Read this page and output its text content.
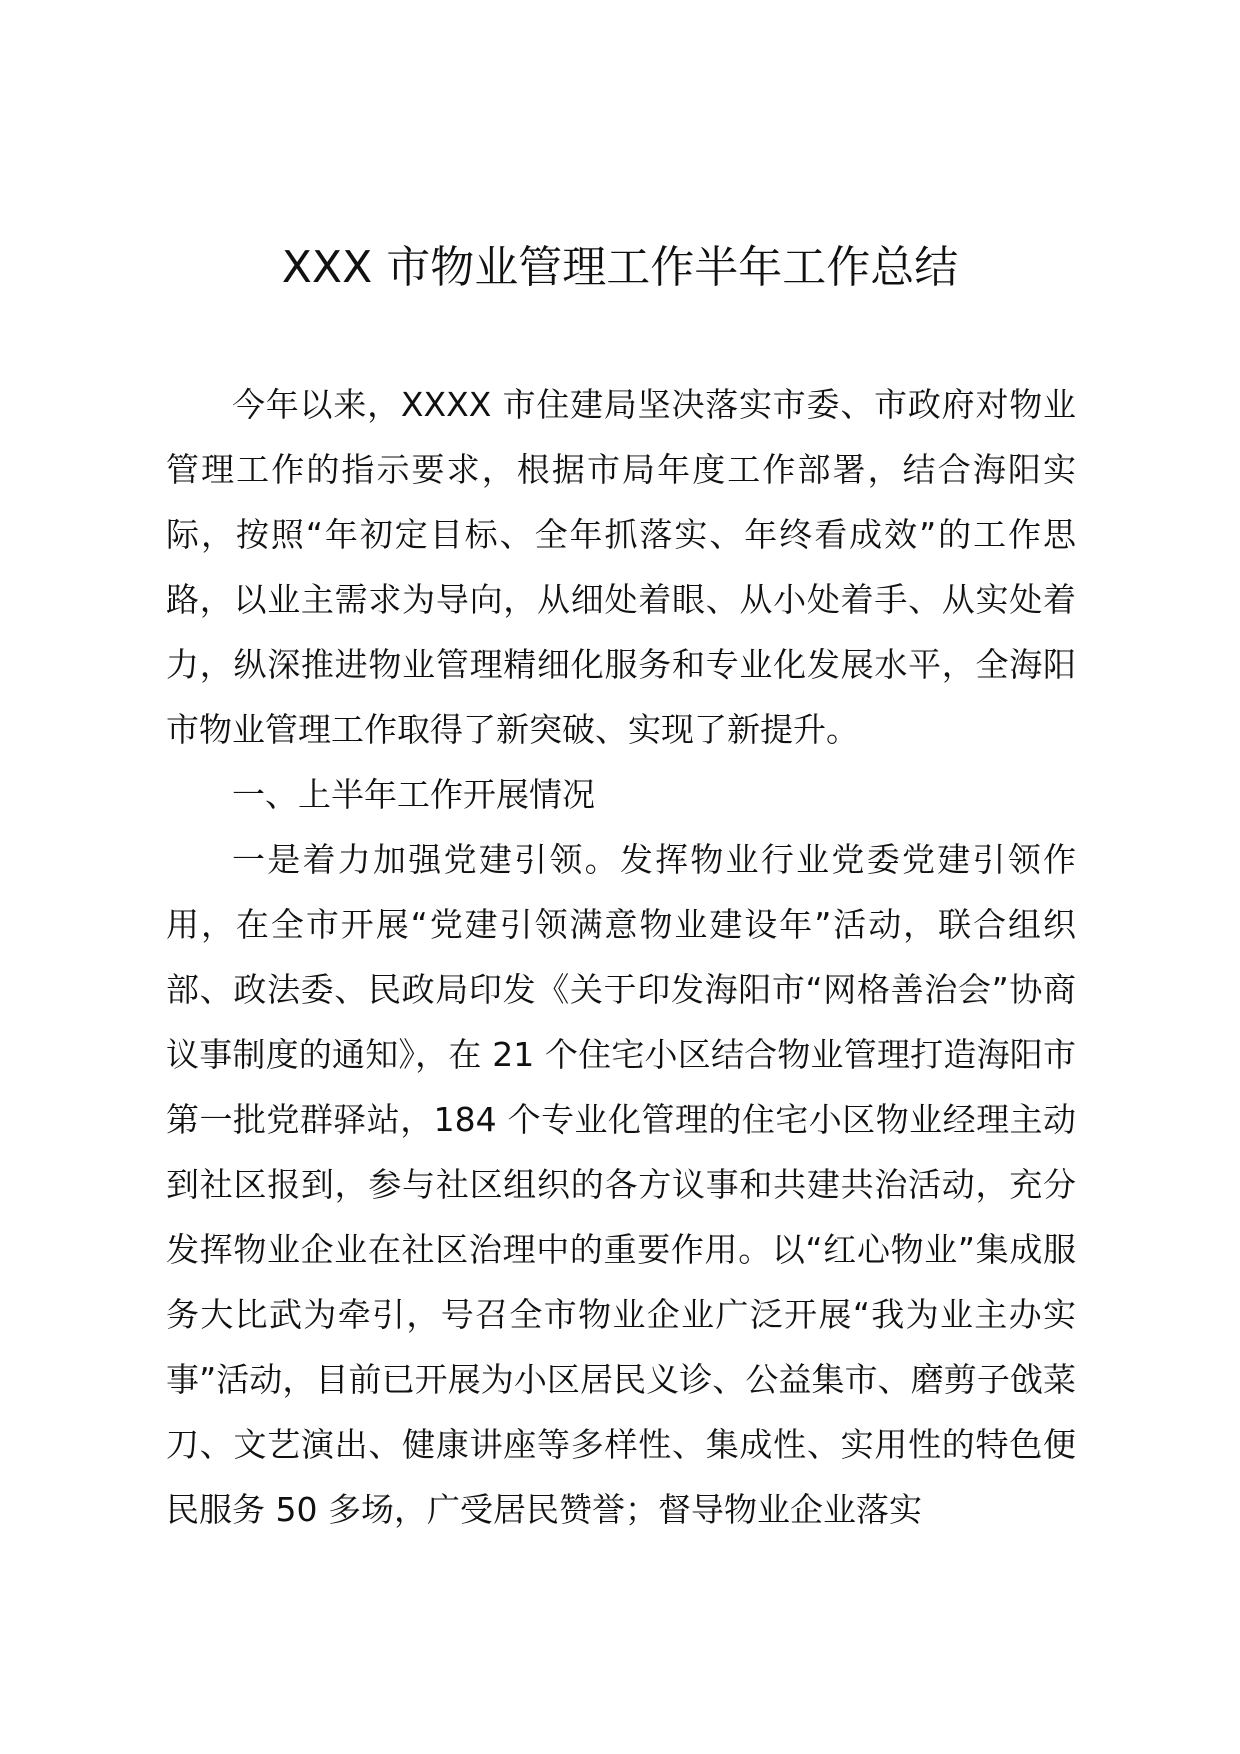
XXX 市物业管理工作半年工作总结

今年以来，XXXX 市住建局坚决落实市委、市政府对物业管理工作的指示要求，根据市局年度工作部署，结合海阳实际，按照“年初定目标、全年抓落实、年终看成效”的工作思路，以业主需求为导向，从细处着眼、从小处着手、从实处着力，纵深推进物业管理精细化服务和专业化发展水平，全海阳市物业管理工作取得了新突破、实现了新提升。

一、上半年工作开展情况

一是着力加强党建引领。发挥物业行业党委党建引领作用，在全市开展“党建引领满意物业建设年”活动，联合组织部、政法委、民政局印发《关于印发海阳市“网格善治会”协商议事制度的通知》，在 21 个住宅小区结合物业管理打造海阳市第一批党群驿站，184 个专业化管理的住宅小区物业经理主动到社区报到，参与社区组织的各方议事和共建共治活动，充分发挥物业企业在社区治理中的重要作用。以“红心物业”集成服务大比武为牵引，号召全市物业企业广泛开展“我为业主办实事”活动，目前已开展为小区居民义诊、公益集市、磨剪子戗菜刀、文艺演出、健康讲座等多样性、集成性、实用性的特色便民服务 50 多场，广受居民赞誉；督导物业企业落实
